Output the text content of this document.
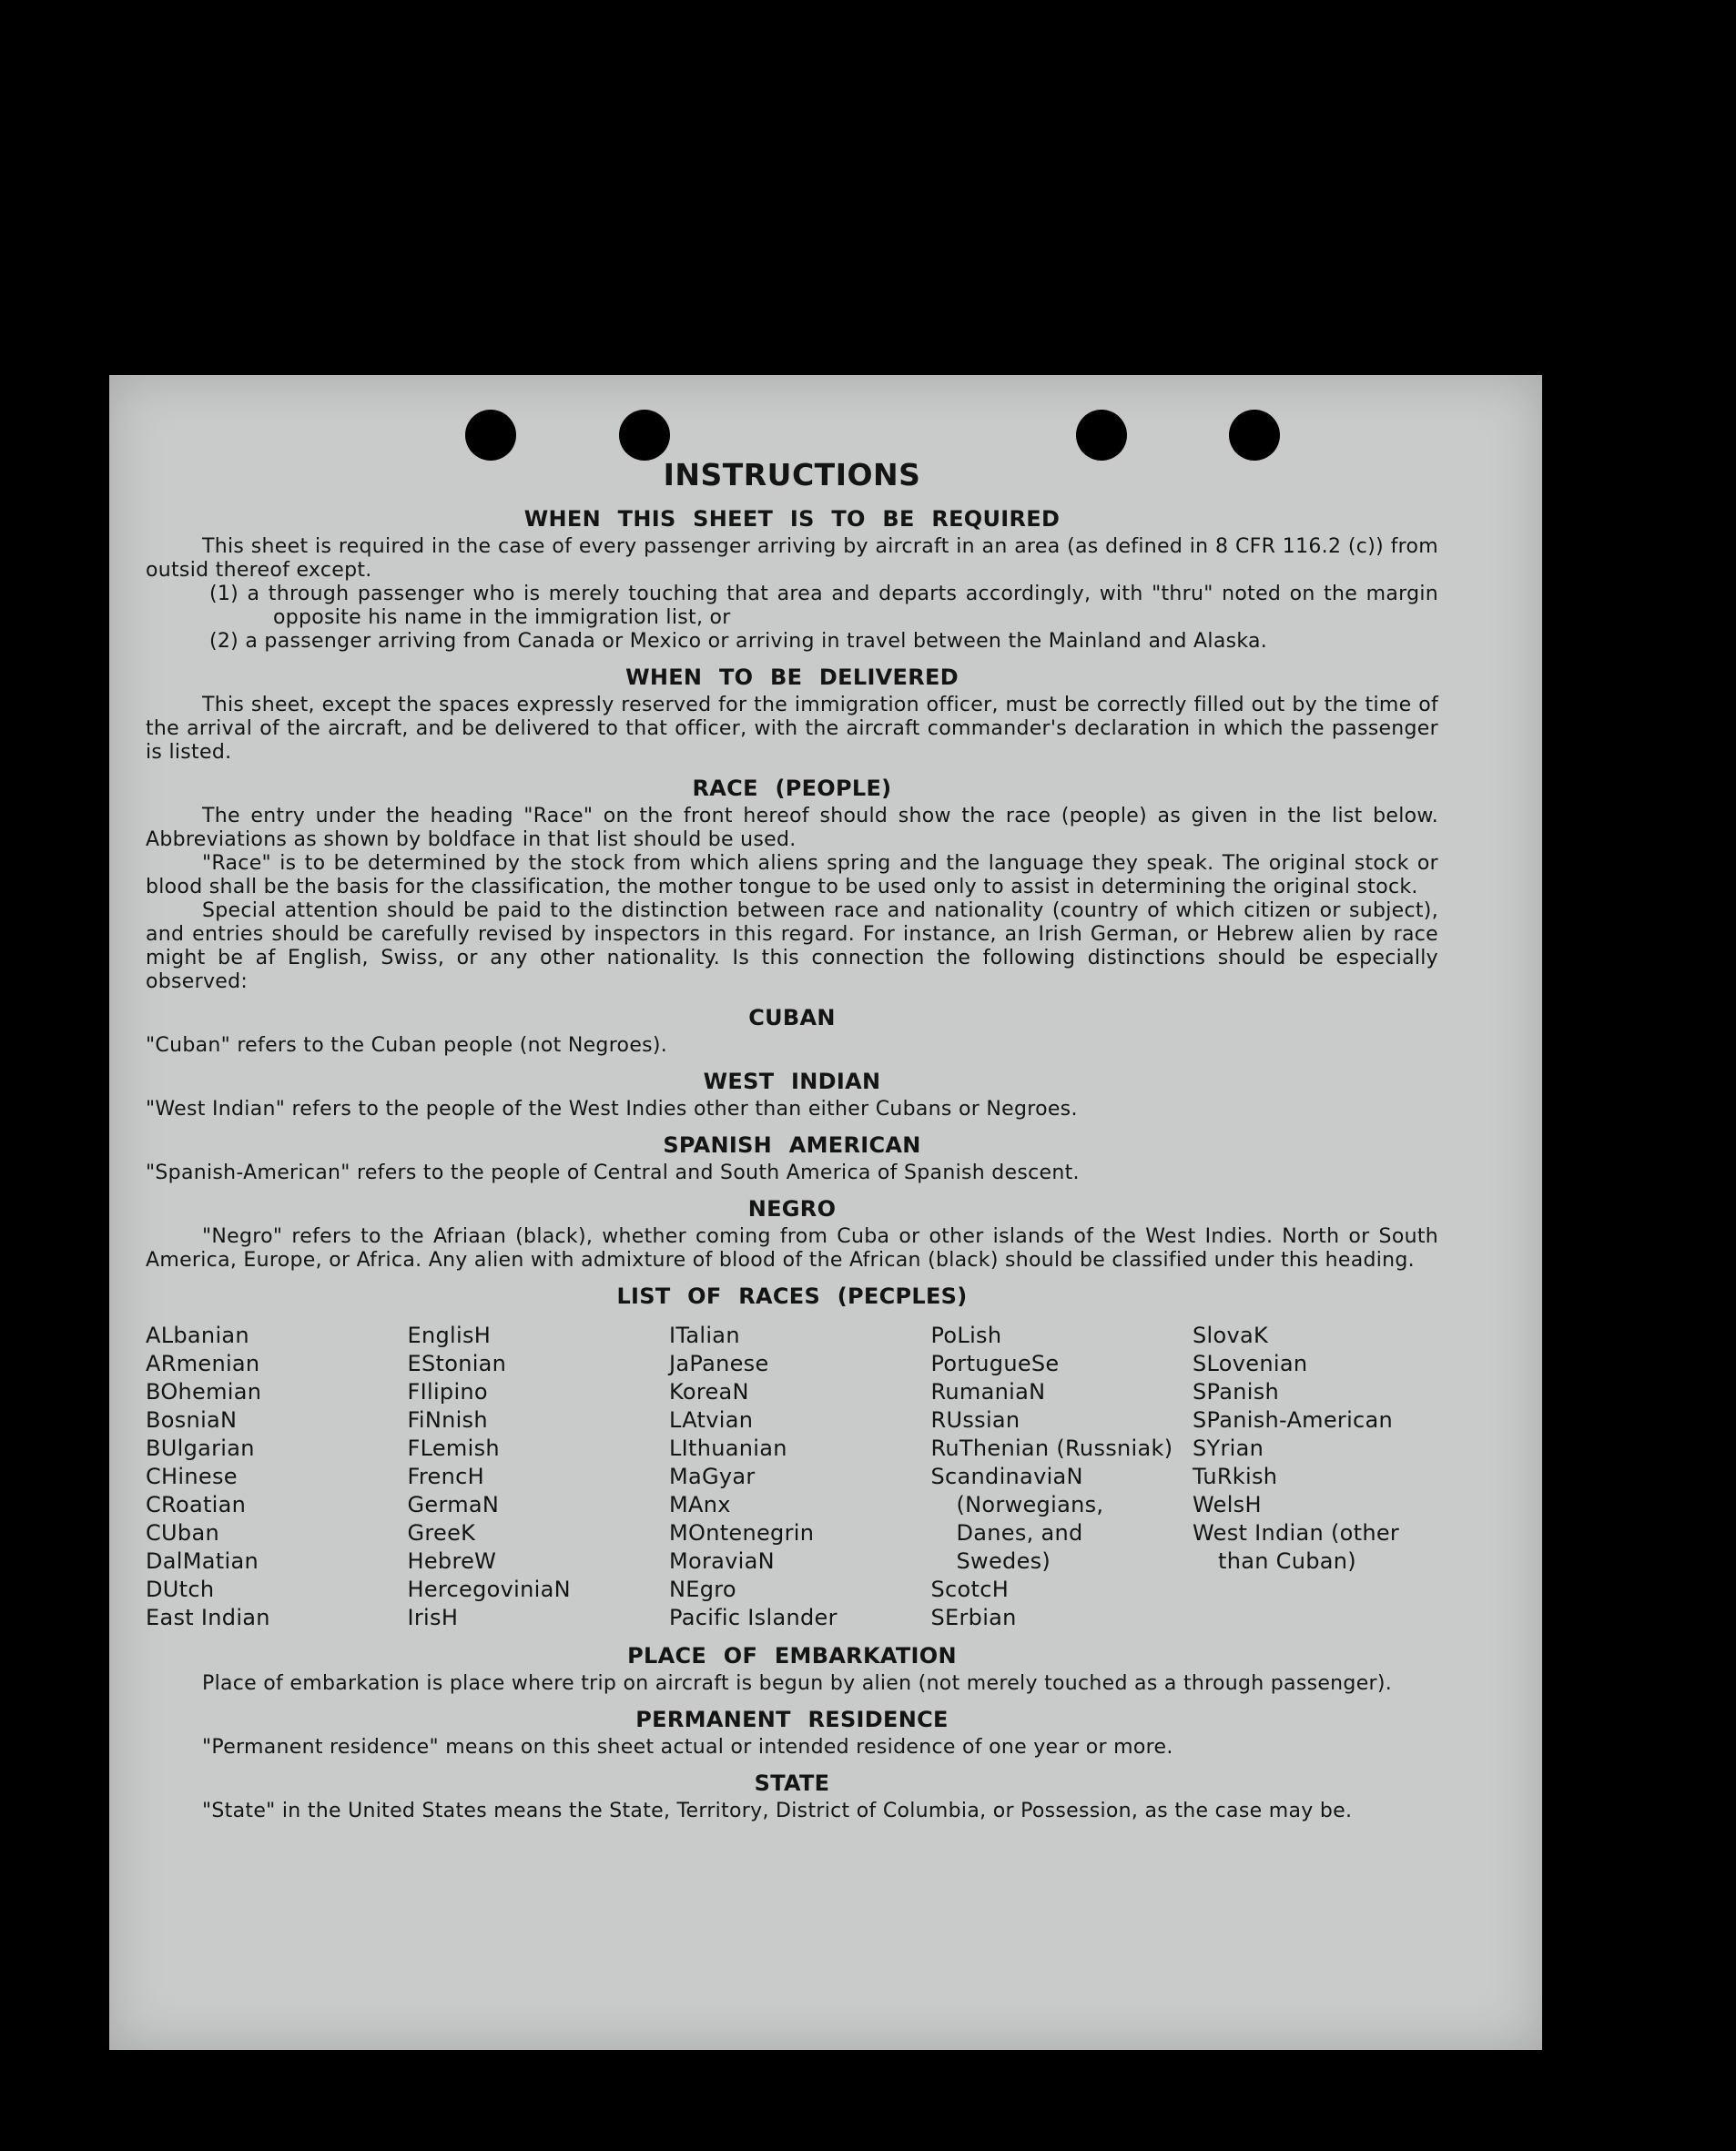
INSTRUCTIONS
WHEN THIS SHEET IS TO BE REQUIRED

This sheet is required in the case of every passenger arriving by aircraft in an area (as defined in 8 CFR 116.2 (c)) from outsid thereof except.

(1) a through passenger who is merely touching that area and departs accordingly, with "thru" noted on the margin opposite his name in the immigration list, or

(2) a passenger arriving from Canada or Mexico or arriving in travel between the Mainland and Alaska.

WHEN TO BE DELIVERED

This sheet, except the spaces expressly reserved for the immigration officer, must be correctly filled out by the time of the arrival of the aircraft, and be delivered to that officer, with the aircraft commander's declaration in which the passenger is listed.

RACE (PEOPLE)

The entry under the heading "Race" on the front hereof should show the race (people) as given in the list below. Abbreviations as shown by boldface in that list should be used.

"Race" is to be determined by the stock from which aliens spring and the language they speak. The original stock or blood shall be the basis for the classification, the mother tongue to be used only to assist in determining the original stock.

Special attention should be paid to the distinction between race and nationality (country of which citizen or subject), and entries should be carefully revised by inspectors in this regard. For instance, an Irish German, or Hebrew alien by race might be af English, Swiss, or any other nationality. Is this connection the following distinctions should be especially observed:

CUBAN

"Cuban" refers to the Cuban people (not Negroes).

WEST INDIAN

"West Indian" refers to the people of the West Indies other than either Cubans or Negroes.

SPANISH AMERICAN

"Spanish-American" refers to the people of Central and South America of Spanish descent.

NEGRO

"Negro" refers to the Afriaan (black), whether coming from Cuba or other islands of the West Indies. North or South America, Europe, or Africa. Any alien with admixture of blood of the African (black) should be classified under this heading.

LIST OF RACES (PECPLES)
ALbanian
ARmenian
BOhemian
BosniaN
BUlgarian
CHinese
CRoatian
CUban
DalMatian
DUtch
East Indian
EnglisH
EStonian
FIlipino
FiNnish
FLemish
FrencH
GermaN
GreeK
HebreW
HercegoviniaN
IrisH
ITalian
JaPanese
KoreaN
LAtvian
LIthuanian
MaGyar
MAnx
MOntenegrin
MoraviaN
NEgro
Pacific Islander
PoLish
PortugueSe
RumaniaN
RUssian
RuThenian (Russniak)
ScandinaviaN (Norwegians, Danes, and Swedes)
ScotcH
SErbian
SlovaK
SLovenian
SPanish
SPanish-American
SYrian
TuRkish
WelsH
West Indian (other than Cuban)
PLACE OF EMBARKATION

Place of embarkation is place where trip on aircraft is begun by alien (not merely touched as a through passenger).

PERMANENT RESIDENCE

"Permanent residence" means on this sheet actual or intended residence of one year or more.

STATE

"State" in the United States means the State, Territory, District of Columbia, or Possession, as the case may be.
